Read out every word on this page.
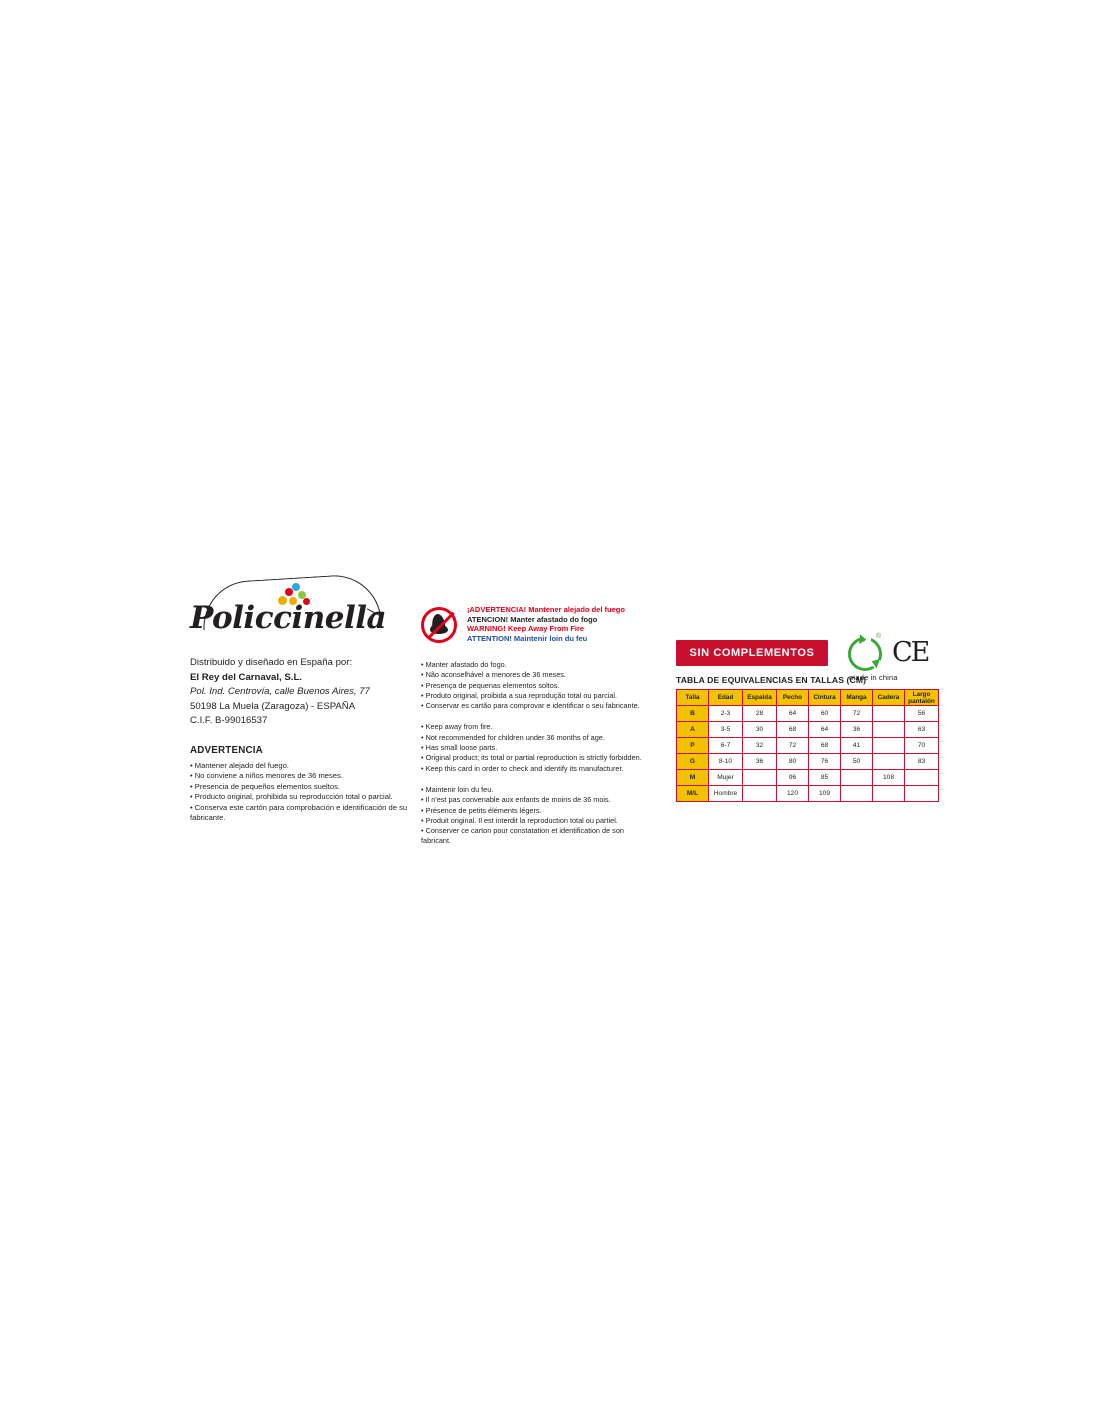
Policcinella
Distribuido y diseñado en España por:
El Rey del Carnaval, S.L.
Pol. Ind. Centrovía, calle Buenos Aires, 77
50198 La Muela (Zaragoza) - ESPAÑA
C.I.F. B-99016537
ADVERTENCIA
• Mantener alejado del fuego.
• No conviene a niños menores de 36 meses.
• Presencia de pequeños elementos sueltos.
• Producto original, prohibida su reproducción total o parcial.
• Conserva este cartón para comprobación e identificación de su fabricante.
¡ADVERTENCIA! Mantener alejado del fuego
ATENCION! Manter afastado do fogo
WARNING! Keep Away From Fire
ATTENTION! Maintenir loin du feu
• Manter afastado do fogo.
• Não aconselhável a menores de 36 meses.
• Presença de pequenas elementos soltos.
• Produto original, proibida a sua reprodução total ou parcial.
• Conservar es cartão para comprovar e identificar o seu fabricante.
• Keep away from fire.
• Not recommended for children under 36 months of age.
• Has small loose parts.
• Original product; its total or partial reproduction is strictly forbidden.
• Keep this card in order to check and identify its manufacturer.
• Maintenir loin du feu.
• Il n'est pas convenable aux enfants de moins de 36 mois.
• Présence de petits éléments légers.
• Produit original. Il est interdit la reproduction total ou partiel.
• Conserver ce carton pour constatation et identification de son fabricant.
SIN COMPLEMENTOS
®
CE
made in china
TABLA DE EQUIVALENCIAS EN TALLAS (CM)
Talla	Edad	Espalda	Pecho	Cintura	Manga	Cadera	Largo pantalón
B	2-3	28	64	60	72		56
A	3-5	30	68	64	36		63
P	6-7	32	72	68	41		70
G	8-10	36	80	76	50		83
M	Mujer		96	85		108	
M/L	Hombre		120	109			
